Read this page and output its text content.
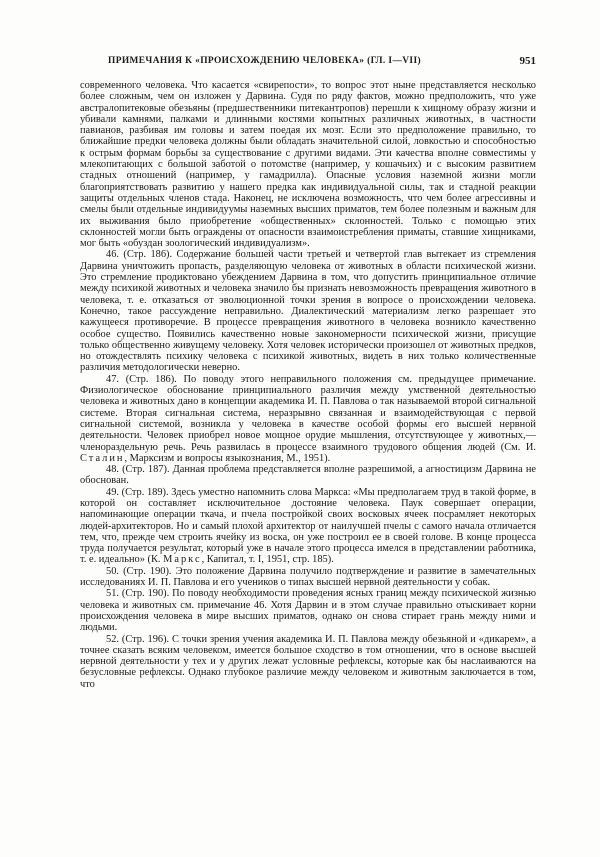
ПРИМЕЧАНИЯ К «ПРОИСХОЖДЕНИЮ ЧЕЛОВЕКА» (ГЛ. I—VII)	951

современного человека. Что касается «свирепости», то вопрос этот ныне представляется несколько более сложным, чем он изложен у Дарвина. Судя по ряду фактов, можно предположить, что уже австралопитековые обезьяны (предшественники питекантропов) перешли к хищному образу жизни и убивали камнями, палками и длинными костями копытных различных животных, в частности павианов, разбивая им головы и затем поедая их мозг. Если это предположение правильно, то ближайшие предки человека должны были обладать значительной силой, ловкостью и способностью к острым формам борьбы за существование с другими видами. Эти качества вполне совместимы у млекопитающих с большой заботой о потомстве (например, у кошачьих) и с высоким развитием стадных отношений (например, у гамадрилла). Опасные условия наземной жизни могли благоприятствовать развитию у нашего предка как индивидуальной силы, так и стадной реакции защиты отдельных членов стада. Наконец, не исключена возможность, что чем более агрессивны и смелы были отдельные индивидуумы наземных высших приматов, тем более полезным и важным для их выживания было приобретение «общественных» склонностей. Только с помощью этих склонностей могли быть ограждены от опасности взаимоистребления приматы, ставшие хищниками, мог быть «обуздан зоологический индивидуализм».

46. (Стр. 186). Содержание большей части третьей и четвертой глав вытекает из стремления Дарвина уничтожить пропасть, разделяющую человека от животных в области психической жизни. Это стремление продиктовано убеждением Дарвина в том, что допустить принципиальное отличие между психикой животных и человека значило бы признать невозможность превращения животного в человека, т. е. отказаться от эволюционной точки зрения в вопросе о происхождении человека. Конечно, такое рассуждение неправильно. Диалектический материализм легко разрешает это кажущееся противоречие. В процессе превращения животного в человека возникло качественно особое существо. Появились качественно новые закономерности психической жизни, присущие только общественно живущему человеку. Хотя человек исторически произошел от животных предков, но отождествлять психику человека с психикой животных, видеть в них только количественные различия методологически неверно.

47. (Стр. 186). По поводу этого неправильного положения см. предыдущее примечание. Физиологическое обоснование принципиального различия между умственной деятельностью человека и животных дано в концепции академика И. П. Павлова о так называемой второй сигнальной системе. Вторая сигнальная система, неразрывно связанная и взаимодействующая с первой сигнальной системой, возникла у человека в качестве особой формы его высшей нервной деятельности. Человек приобрел новое мощное орудие мышления, отсутствующее у животных,— членораздельную речь. Речь развилась в процессе взаимного трудового общения людей (См. И. Сталин, Марксизм и вопросы языкознания, М., 1951).

48. (Стр. 187). Данная проблема представляется вполне разрешимой, а агностицизм Дарвина не обоснован.

49. (Стр. 189). Здесь уместно напомнить слова Маркса: «Мы предполагаем труд в такой форме, в которой он составляет исключительное достояние человека. Паук совершает операции, напоминающие операции ткача, и пчела постройкой своих восковых ячеек посрамляет некоторых людей-архитекторов. Но и самый плохой архитектор от наилучшей пчелы с самого начала отличается тем, что, прежде чем строить ячейку из воска, он уже построил ее в своей голове. В конце процесса труда получается результат, который уже в начале этого процесса имелся в представлении работника, т. е. идеально» (К. Маркс, Капитал, т. I, 1951, стр. 185).

50. (Стр. 190). Это положение Дарвина получило подтверждение и развитие в замечательных исследованиях И. П. Павлова и его учеников о типах высшей нервной деятельности у собак.

51. (Стр. 190). По поводу необходимости проведения ясных границ между психической жизнью человека и животных см. примечание 46. Хотя Дарвин и в этом случае правильно отыскивает корни происхождения человека в мире высших приматов, однако он снова стирает грань между ними и людьми.

52. (Стр. 196). С точки зрения учения академика И. П. Павлова между обезьяной и «дикарем», а точнее сказать всяким человеком, имеется большое сходство в том отношении, что в основе высшей нервной деятельности у тех и у других лежат условные рефлексы, которые как бы наслаиваются на безусловные рефлексы. Однако глубокое различие между человеком и животным заключается в том, что
